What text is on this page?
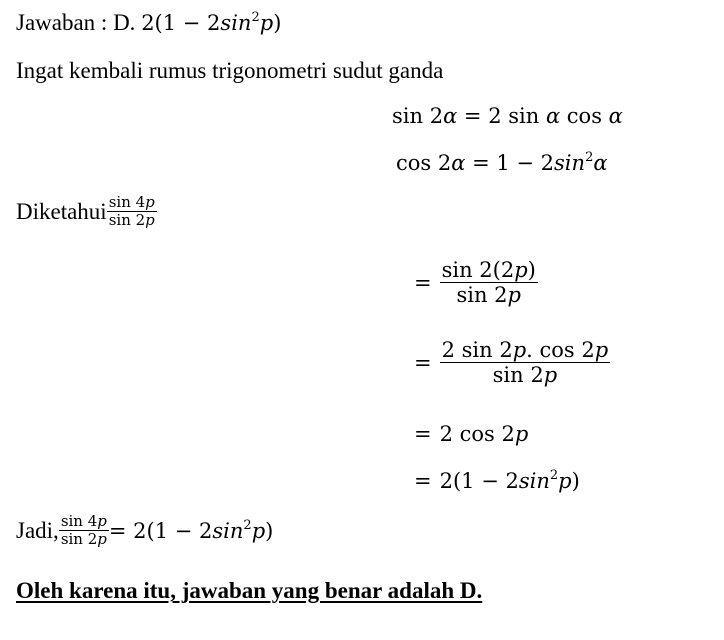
Jawaban : D. $2(1 - 2\sin^2p)$
Ingat kembali rumus trigonometri sudut ganda
sin 2α = 2 sin α cos α
$\cos 2\alpha = 1 - 2\sin^2\alpha$
Diketahui $\frac{\sin 4p}{\sin 2p}$
= $\frac{\sin 2(2p)}{\sin 2p}$
= $\frac{2 \sin 2p. \cos 2p}{\sin 2p}$
= 2 cos 2p
= $2(1 - 2\sin^2p)$
Jadi, $\frac{\sin 4p}{\sin 2p} = 2(1 - 2\sin^2p)$
Oleh karena itu, jawaban yang benar adalah D.
